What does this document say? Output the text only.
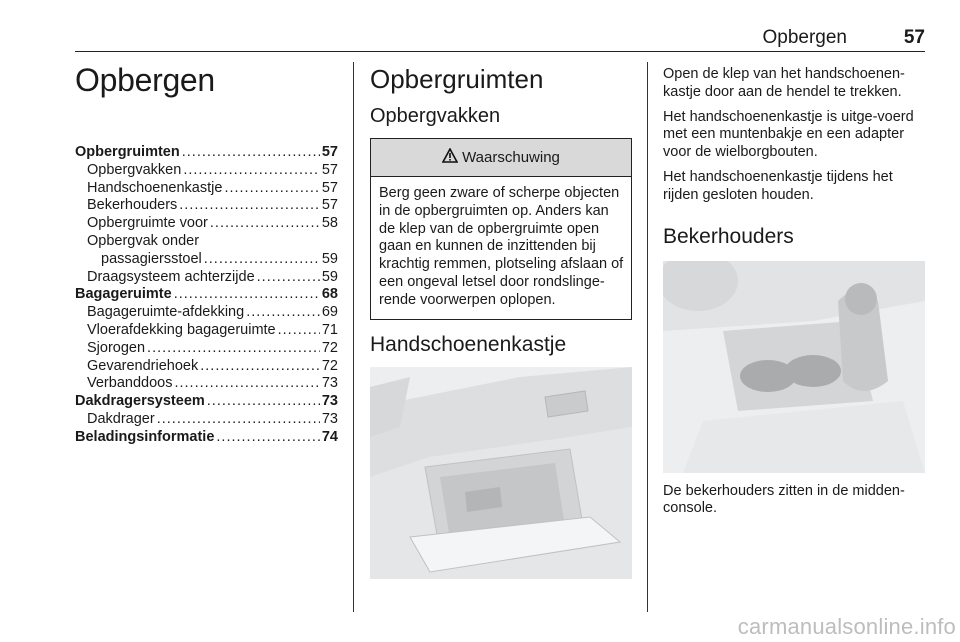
Opbergen	57
Opbergen
Opbergruimten .....	57
Opbergvakken .....	57
Handschoenenkastje .....	57
Bekerhouders .....	57
Opbergruimte voor .....	58
Opbergvak onder
passagiersstoel .....	59
Draagsysteem achterzijde .....	59
Bagageruimte .....	68
Bagageruimte-afdekking .....	69
Vloerafdekking bagageruimte .....	71
Sjorogen .....	72
Gevarendriehoek .....	72
Verbanddoos .....	73
Dakdragersysteem .....	73
Dakdrager .....	73
Beladingsinformatie .....	74
Opbergruimten
Opbergvakken
Waarschuwing
Berg geen zware of scherpe objecten in de opbergruimten op. Anders kan de klep van de opbergruimte open gaan en kunnen de inzittenden bij krachtig remmen, plotseling afslaan of een ongeval letsel door rondslinge-rende voorwerpen oplopen.
Handschoenenkastje

Open de klep van het handschoenen-kastje door aan de hendel te trekken.

Het handschoenenkastje is uitge-voerd met een muntenbakje en een adapter voor de wielborgbouten.

Het handschoenenkastje tijdens het rijden gesloten houden.

Bekerhouders

De bekerhouders zitten in de midden-console.

carmanualsonline.info
